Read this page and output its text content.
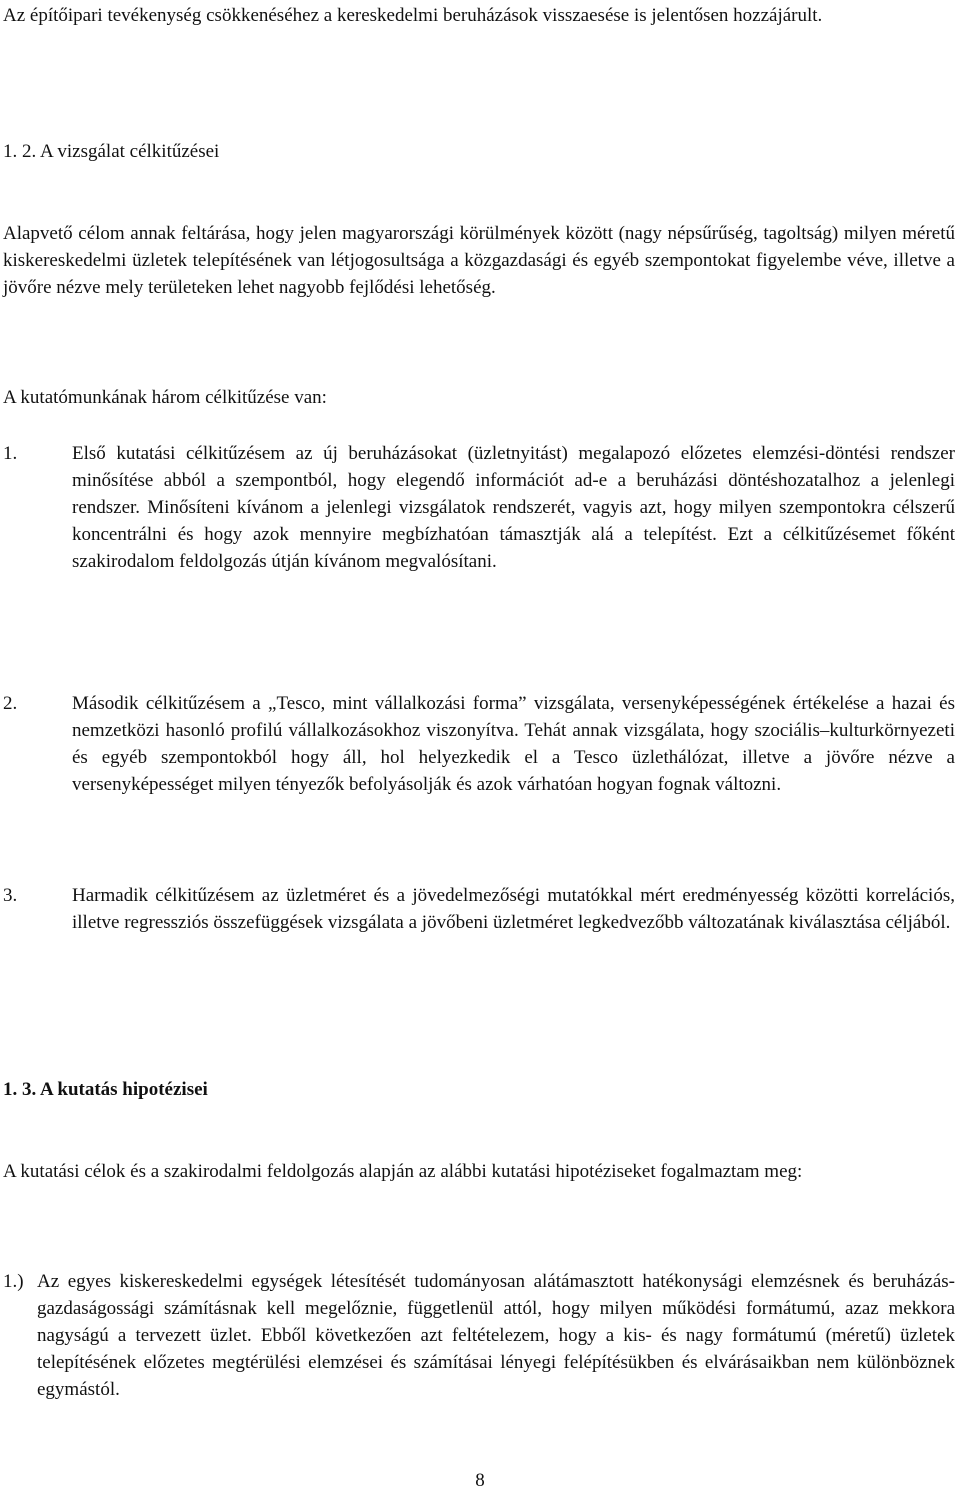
Az építőipari tevékenység csökkenéséhez a kereskedelmi beruházások visszaesése is jelentősen hozzájárult.

1. 2. A vizsgálat célkitűzései

Alapvető célom annak feltárása, hogy jelen magyarországi körülmények között (nagy népsűrűség, tagoltság) milyen méretű kiskereskedelmi üzletek telepítésének van létjogosultsága a közgazdasági és egyéb szempontokat figyelembe véve, illetve a jövőre nézve mely területeken lehet nagyobb fejlődési lehetőség.

A kutatómunkának három célkitűzése van:

1.	Első kutatási célkitűzésem az új beruházásokat (üzletnyitást) megalapozó előzetes elemzési-döntési rendszer minősítése abból a szempontból, hogy elegendő információt ad-e a beruházási döntéshozatalhoz a jelenlegi rendszer. Minősíteni kívánom a jelenlegi vizsgálatok rendszerét, vagyis azt, hogy milyen szempontokra célszerű koncentrálni és hogy azok mennyire megbízhatóan támasztják alá a telepítést. Ezt a célkitűzésemet főként szakirodalom feldolgozás útján kívánom megvalósítani.
2.	Második célkitűzésem a „Tesco, mint vállalkozási forma” vizsgálata, versenyképességének értékelése a hazai és nemzetközi hasonló profilú vállalkozásokhoz viszonyítva. Tehát annak vizsgálata, hogy szociális–kulturkörnyezeti és egyéb szempontokból hogy áll, hol helyezkedik el a Tesco üzlethálózat, illetve a jövőre nézve a versenyképességet milyen tényezők befolyásolják és azok várhatóan hogyan fognak változni.
3.	Harmadik célkitűzésem az üzletméret és a jövedelmezőségi mutatókkal mért eredményesség közötti korrelációs, illetve regressziós összefüggések vizsgálata a jövőbeni üzletméret legkedvezőbb változatának kiválasztása céljából.
1. 3. A kutatás hipotézisei

A kutatási célok és a szakirodalmi feldolgozás alapján az alábbi kutatási hipotéziseket fogalmaztam meg:

1.) Az egyes kiskereskedelmi egységek létesítését tudományosan alátámasztott hatékonysági elemzésnek és beruházás-gazdaságossági számításnak kell megelőznie, függetlenül attól, hogy milyen működési formátumú, azaz mekkora nagyságú a tervezett üzlet. Ebből következően azt feltételezem, hogy a kis- és nagy formátumú (méretű) üzletek telepítésének előzetes megtérülési elemzései és számításai lényegi felépítésükben és elvárásaikban nem különböznek egymástól.
8
